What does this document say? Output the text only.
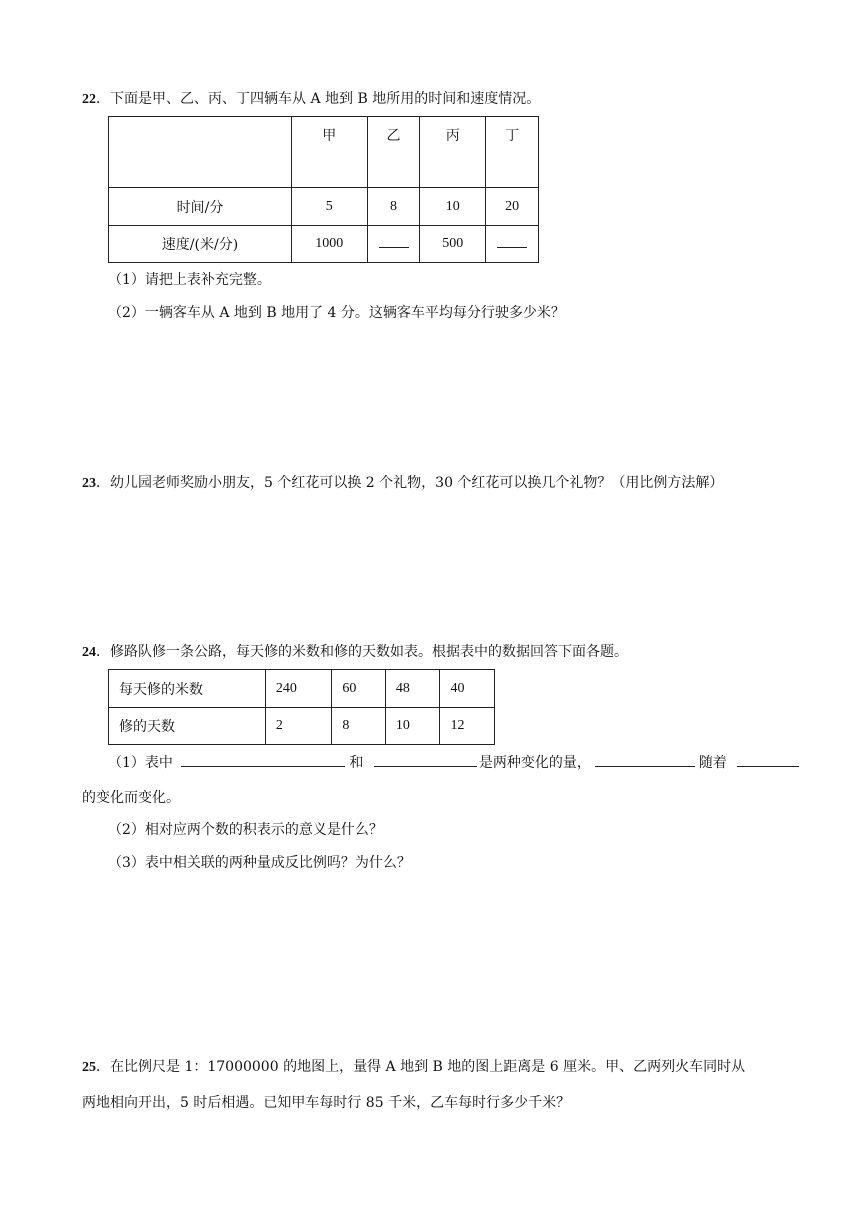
22．下面是甲、乙、丙、丁四辆车从 A 地到 B 地所用的时间和速度情况。
	甲	乙	丙	丁
时间/分	5	8	10	20
速度/(米/分)	1000		500	
（1）请把上表补充完整。
（2）一辆客车从 A 地到 B 地用了 4 分。这辆客车平均每分行驶多少米？
23．幼儿园老师奖励小朋友，5 个红花可以换 2 个礼物，30 个红花可以换几个礼物？（用比例方法解）
24．修路队修一条公路，每天修的米数和修的天数如表。根据表中的数据回答下面各题。
每天修的米数	240	60	48	40
修的天数	2	8	10	12
（1）表中	和	是两种变化的量，	随着
的变化而变化。
（2）相对应两个数的积表示的意义是什么？
（3）表中相关联的两种量成反比例吗？为什么？
25．在比例尺是 1：17000000 的地图上，量得 A 地到 B 地的图上距离是 6 厘米。甲、乙两列火车同时从
两地相向开出，5 时后相遇。已知甲车每时行 85 千米，乙车每时行多少千米？
